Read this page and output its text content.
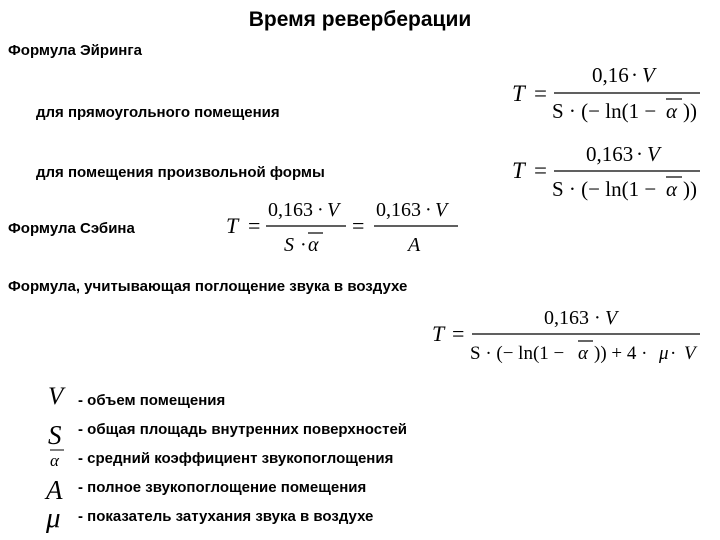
Время реверберации
Формула Эйринга
для прямоугольного помещения
для помещения произвольной формы
Формула Сэбина
Формула, учитывающая поглощение звука в воздухе
T =
0,16 · V
S · (− ln(1 − α ))
T =
0,163 · V
S · (− ln(1 − α ))
T =
0,163 · V
S · α
=
0,163 · V
A
T =
0,163 · V
S · (− ln(1 − α )) + 4 · μ · V
V
S
α
A
μ
- объем помещения
- общая площадь внутренних поверхностей
- средний коэффициент звукопоглощения
- полное звукопоглощение помещения
- показатель затухания звука в воздухе
